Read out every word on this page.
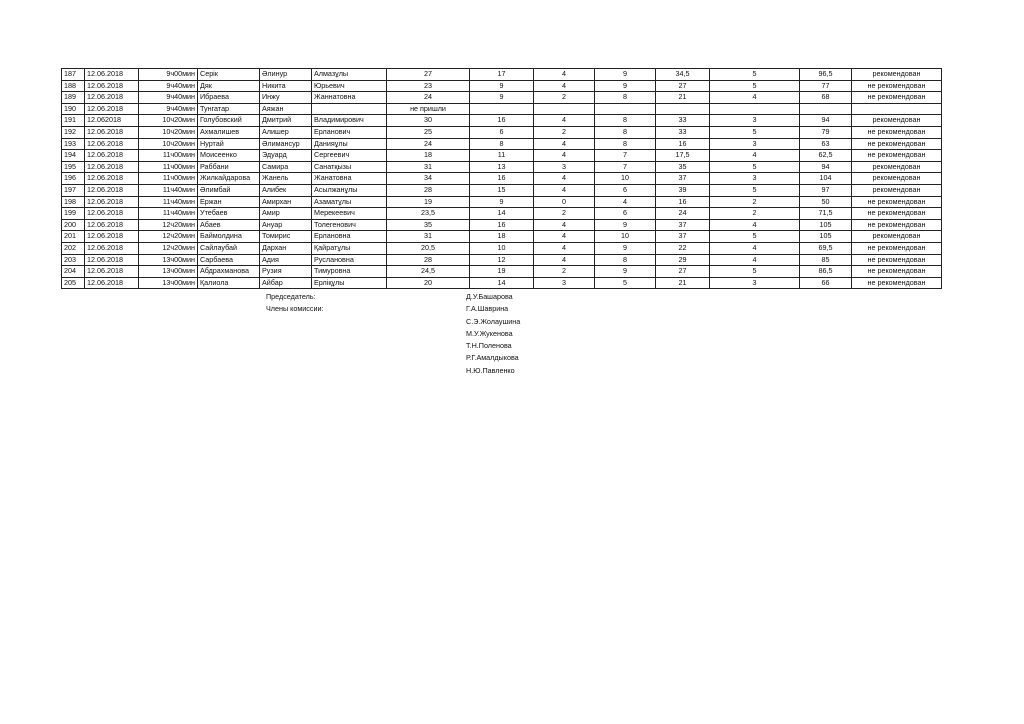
187	12.06.2018	9ч00мин	Серік	Әлинур	Алмазұлы	27	17	4	9	34,5	5	96,5	рекомендован
188	12.06.2018	9ч40мин	Дяк	Никита	Юрьевич	23	9	4	9	27	5	77	не рекомендован
189	12.06.2018	9ч40мин	Ибраева	Инжу	Жаннатовна	24	9	2	8	21	4	68	не рекомендован
190	12.06.2018	9ч40мин	Тунгатар	Аяжан		не пришли							
191	12.062018	10ч20мин	Голубовский	Дмитрий	Владимирович	30	16	4	8	33	3	94	рекомендован
192	12.06.2018	10ч20мин	Ахмалишев	Алишер	Ерланович	25	6	2	8	33	5	79	не рекомендован
193	12.06.2018	10ч20мин	Нуртай	Әлимансур	Данияұлы	24	8	4	8	16	3	63	не рекомендован
194	12.06.2018	11ч00мин	Моисеенко	Эдуард	Сергеевич	18	11	4	7	17,5	4	62,5	не рекомендован
195	12.06.2018	11ч00мин	Раббани	Самира	Санатқызы	31	13	3	7	35	5	94	рекомендован
196	12.06.2018	11ч00мин	Жилкайдарова	Жанель	Жанатовна	34	16	4	10	37	3	104	рекомендован
197	12.06.2018	11ч40мин	Әлимбай	Алибек	Асылжанұлы	28	15	4	6	39	5	97	рекомендован
198	12.06.2018	11ч40мин	Ержан	Амирхан	Азаматұлы	19	9	0	4	16	2	50	не рекомендован
199	12.06.2018	11ч40мин	Утебаев	Амир	Мерекеевич	23,5	14	2	6	24	2	71,5	не рекомендован
200	12.06.2018	12ч20мин	Абаев	Ануар	Толегенович	35	16	4	9	37	4	105	не рекомендован
201	12.06.2018	12ч20мин	Баймолдина	Томирис	Ерлановна	31	18	4	10	37	5	105	рекомендован
202	12.06.2018	12ч20мин	Сайлаубай	Дархан	Қайратұлы	20,5	10	4	9	22	4	69,5	не рекомендован
203	12.06.2018	13ч00мин	Сарбаева	Адия	Руслановна	28	12	4	8	29	4	85	не рекомендован
204	12.06.2018	13ч00мин	Абдрахманова	Рузия	Тимуровна	24,5	19	2	9	27	5	86,5	не рекомендован
205	12.06.2018	13ч00мин	Қалиола	Айбар	Ерліқұлы	20	14	3	5	21	3	66	не рекомендован
Председатель:
Члены комиссии:
Д.У.Башарова
Г.А.Шаврина
С.Э.Жолаушина
М.У.Жукенова
Т.Н.Поленова
Р.Г.Амалдыкова
Н.Ю.Павленко
